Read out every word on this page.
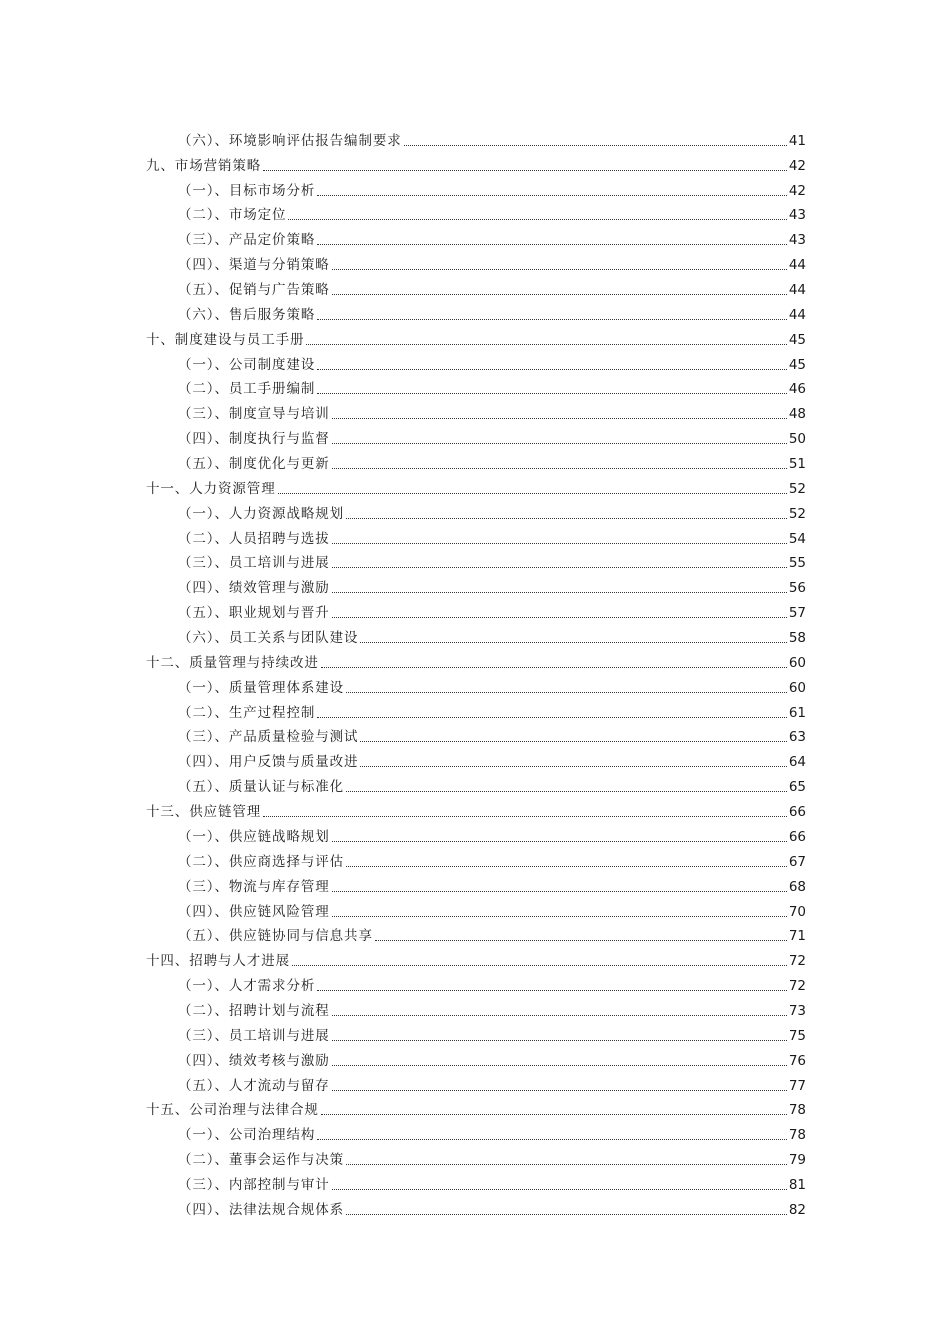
（六）、环境影响评估报告编制要求	41
九、市场营销策略	42
（一）、目标市场分析	42
（二）、市场定位	43
（三）、产品定价策略	43
（四）、渠道与分销策略	44
（五）、促销与广告策略	44
（六）、售后服务策略	44
十、制度建设与员工手册	45
（一）、公司制度建设	45
（二）、员工手册编制	46
（三）、制度宣导与培训	48
（四）、制度执行与监督	50
（五）、制度优化与更新	51
十一、人力资源管理	52
（一）、人力资源战略规划	52
（二）、人员招聘与选拔	54
（三）、员工培训与进展	55
（四）、绩效管理与激励	56
（五）、职业规划与晋升	57
（六）、员工关系与团队建设	58
十二、质量管理与持续改进	60
（一）、质量管理体系建设	60
（二）、生产过程控制	61
（三）、产品质量检验与测试	63
（四）、用户反馈与质量改进	64
（五）、质量认证与标准化	65
十三、供应链管理	66
（一）、供应链战略规划	66
（二）、供应商选择与评估	67
（三）、物流与库存管理	68
（四）、供应链风险管理	70
（五）、供应链协同与信息共享	71
十四、招聘与人才进展	72
（一）、人才需求分析	72
（二）、招聘计划与流程	73
（三）、员工培训与进展	75
（四）、绩效考核与激励	76
（五）、人才流动与留存	77
十五、公司治理与法律合规	78
（一）、公司治理结构	78
（二）、董事会运作与决策	79
（三）、内部控制与审计	81
（四）、法律法规合规体系	82
